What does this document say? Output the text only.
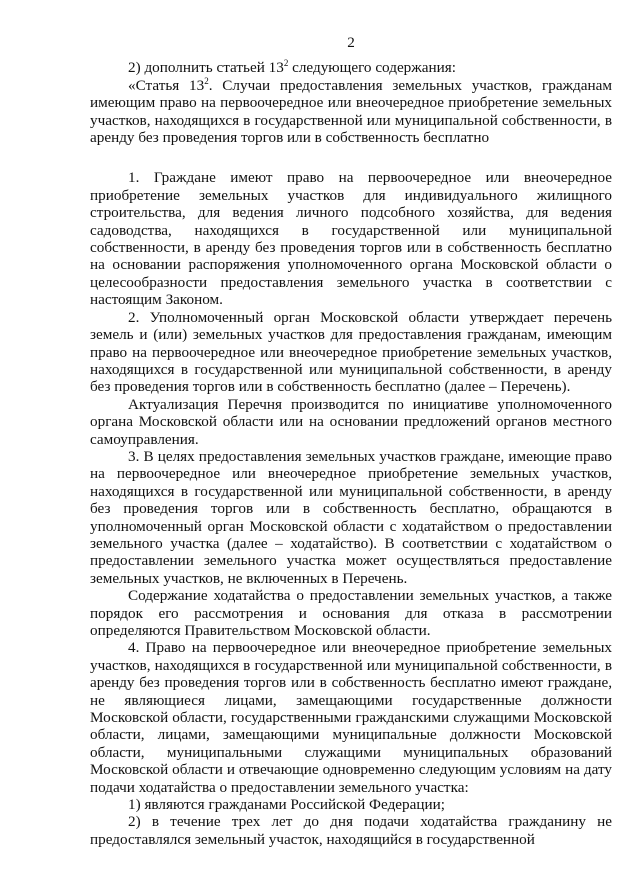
2

2) дополнить статьей $13^2$ следующего содержания:

«Статья $13^2$. Случаи предоставления земельных участков, гражданам имеющим право на первоочередное или внеочередное приобретение земельных участков, находящихся в государственной или муниципальной собственности, в аренду без проведения торгов или в собственность бесплатно

1. Граждане имеют право на первоочередное или внеочередное приобретение земельных участков для индивидуального жилищного строительства, для ведения личного подсобного хозяйства, для ведения садоводства, находящихся в государственной или муниципальной собственности, в аренду без проведения торгов или в собственность бесплатно на основании распоряжения уполномоченного органа Московской области о целесообразности предоставления земельного участка в соответствии с настоящим Законом.

2. Уполномоченный орган Московской области утверждает перечень земель и (или) земельных участков для предоставления гражданам, имеющим право на первоочередное или внеочередное приобретение земельных участков, находящихся в государственной или муниципальной собственности, в аренду без проведения торгов или в собственность бесплатно (далее – Перечень).

Актуализация Перечня производится по инициативе уполномоченного органа Московской области или на основании предложений органов местного самоуправления.

3. В целях предоставления земельных участков граждане, имеющие право на первоочередное или внеочередное приобретение земельных участков, находящихся в государственной или муниципальной собственности, в аренду без проведения торгов или в собственность бесплатно, обращаются в уполномоченный орган Московской области с ходатайством о предоставлении земельного участка (далее – ходатайство). В соответствии с ходатайством о предоставлении земельного участка может осуществляться предоставление земельных участков, не включенных в Перечень.

Содержание ходатайства о предоставлении земельных участков, а также порядок его рассмотрения и основания для отказа в рассмотрении определяются Правительством Московской области.

4. Право на первоочередное или внеочередное приобретение земельных участков, находящихся в государственной или муниципальной собственности, в аренду без проведения торгов или в собственность бесплатно имеют граждане, не являющиеся лицами, замещающими государственные должности Московской области, государственными гражданскими служащими Московской области, лицами, замещающими муниципальные должности Московской области, муниципальными служащими муниципальных образований Московской области и отвечающие одновременно следующим условиям на дату подачи ходатайства о предоставлении земельного участка:

1) являются гражданами Российской Федерации;

2) в течение трех лет до дня подачи ходатайства гражданину не предоставлялся земельный участок, находящийся в государственной
